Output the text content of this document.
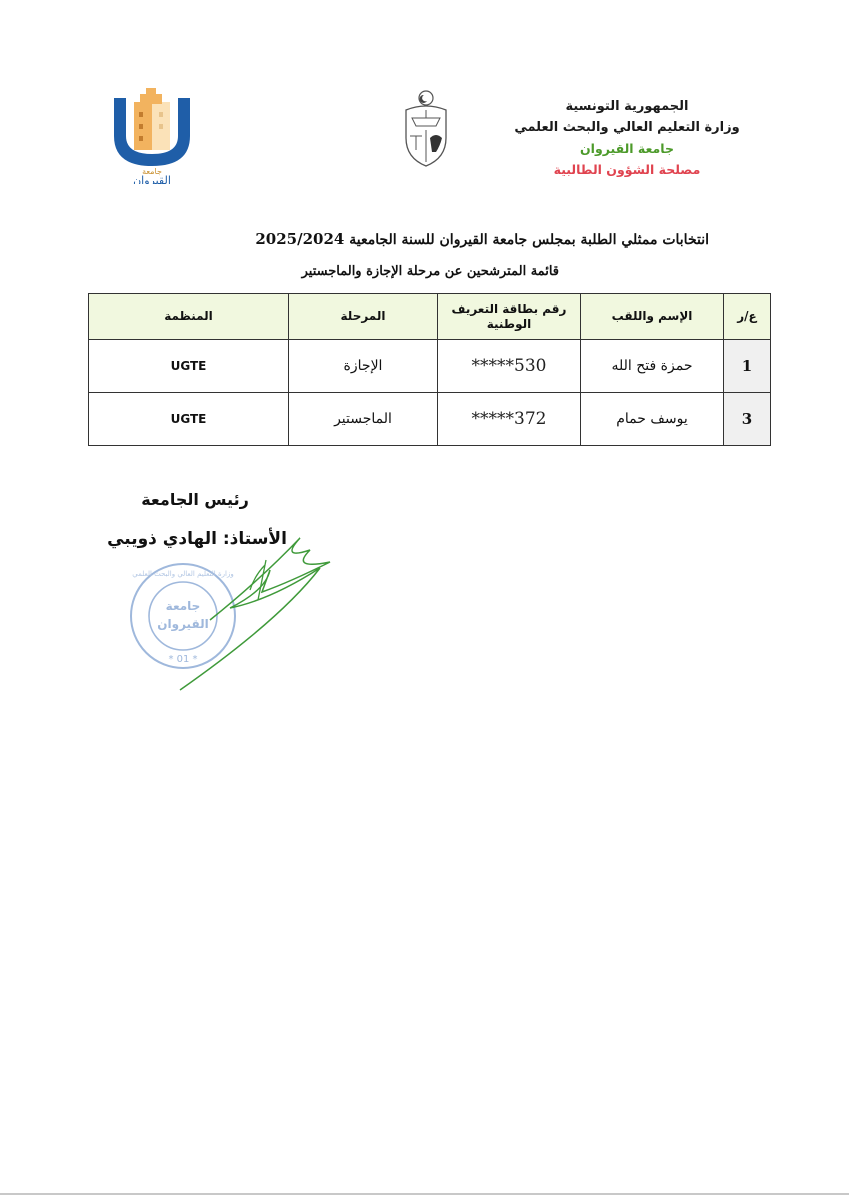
جامعة
القيروان
الجمهورية التونسية
وزارة التعليم العالي والبحث العلمي
جامعة القيروان
مصلحة الشؤون الطالبية
انتخابات ممثلي الطلبة بمجلس جامعة القيروان للسنة الجامعية 2025/2024
قائمة المترشحين عن مرحلة الإجازة والماجستير
ع/ر	الإسم واللقب	رقم بطاقة التعريف الوطنية	المرحلة	المنظمة
1	حمزة فتح الله	*****530	الإجازة	UGTE
3	يوسف حمام	*****372	الماجستير	UGTE
رئيس الجامعة
الأستاذ: الهادي ذويبي
جامعة
القيروان
* 01 *
وزارة التعليم العالي والبحث العلمي
